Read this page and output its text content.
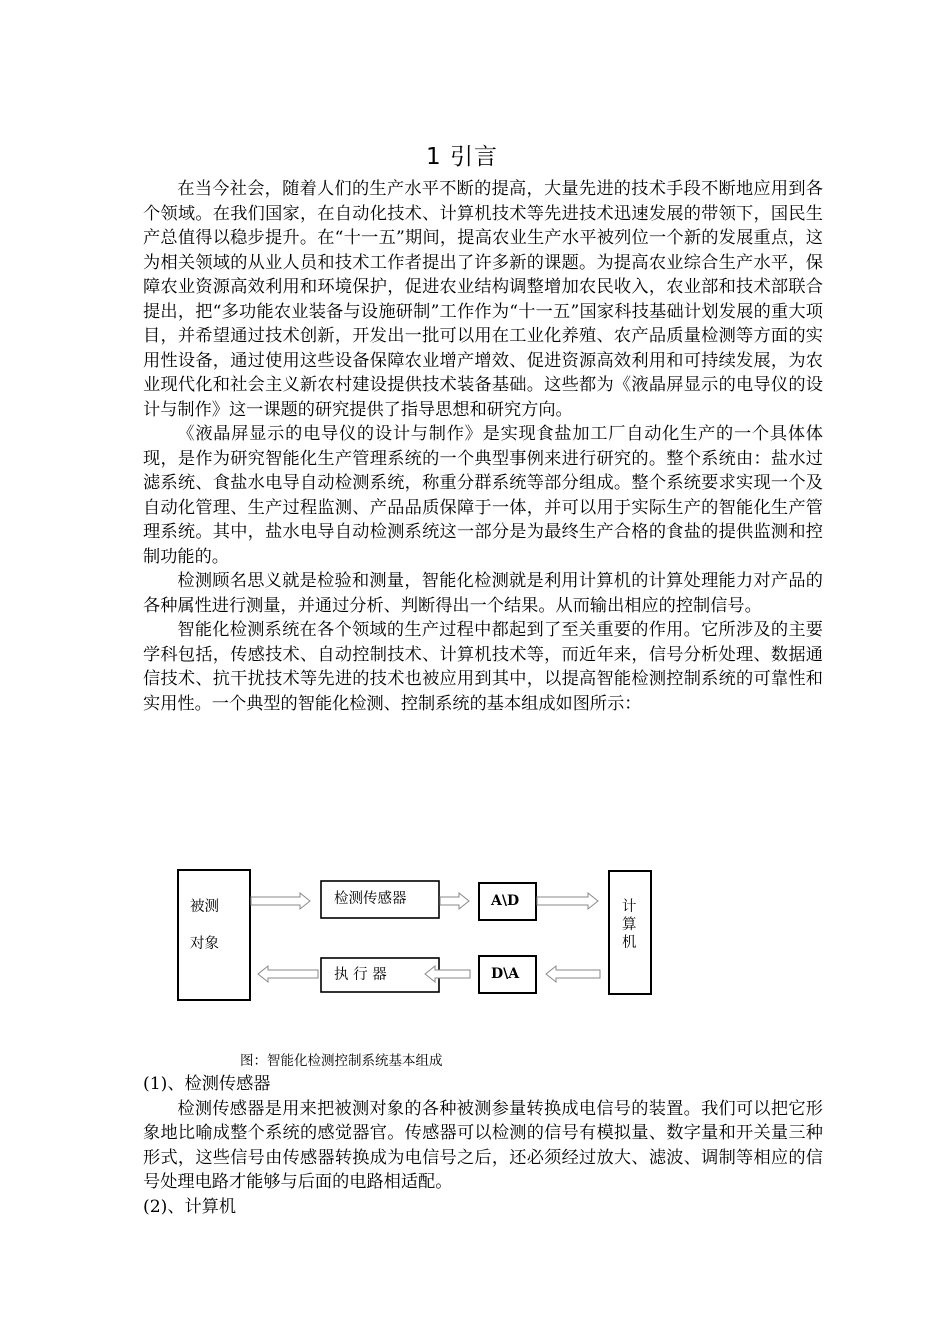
1 引言

在当今社会，随着人们的生产水平不断的提高，大量先进的技术手段不断地应用到各个领域。在我们国家，在自动化技术、计算机技术等先进技术迅速发展的带领下，国民生产总值得以稳步提升。在“十一五”期间，提高农业生产水平被列位一个新的发展重点，这为相关领域的从业人员和技术工作者提出了许多新的课题。为提高农业综合生产水平，保障农业资源高效利用和环境保护，促进农业结构调整增加农民收入，农业部和技术部联合提出，把“多功能农业装备与设施研制”工作作为“十一五”国家科技基础计划发展的重大项目，并希望通过技术创新，开发出一批可以用在工业化养殖、农产品质量检测等方面的实用性设备，通过使用这些设备保障农业增产增效、促进资源高效利用和可持续发展，为农业现代化和社会主义新农村建设提供技术装备基础。这些都为《液晶屏显示的电导仪的设计与制作》这一课题的研究提供了指导思想和研究方向。

《液晶屏显示的电导仪的设计与制作》是实现食盐加工厂自动化生产的一个具体体现，是作为研究智能化生产管理系统的一个典型事例来进行研究的。整个系统由：盐水过滤系统、食盐水电导自动检测系统，称重分群系统等部分组成。整个系统要求实现一个及自动化管理、生产过程监测、产品品质保障于一体，并可以用于实际生产的智能化生产管理系统。其中，盐水电导自动检测系统这一部分是为最终生产合格的食盐的提供监测和控制功能的。

检测顾名思义就是检验和测量，智能化检测就是利用计算机的计算处理能力对产品的各种属性进行测量，并通过分析、判断得出一个结果。从而输出相应的控制信号。

智能化检测系统在各个领域的生产过程中都起到了至关重要的作用。它所涉及的主要学科包括，传感技术、自动控制技术、计算机技术等，而近年来，信号分析处理、数据通信技术、抗干扰技术等先进的技术也被应用到其中，以提高智能检测控制系统的可靠性和实用性。一个典型的智能化检测、控制系统的基本组成如图所示：

被测
对象
检测传感器	A\D	计
算
机
执 行 器	D\A
图：智能化检测控制系统基本组成

(1)、检测传感器

检测传感器是用来把被测对象的各种被测参量转换成电信号的装置。我们可以把它形象地比喻成整个系统的感觉器官。传感器可以检测的信号有模拟量、数字量和开关量三种形式，这些信号由传感器转换成为电信号之后，还必须经过放大、滤波、调制等相应的信号处理电路才能够与后面的电路相适配。

(2)、计算机
